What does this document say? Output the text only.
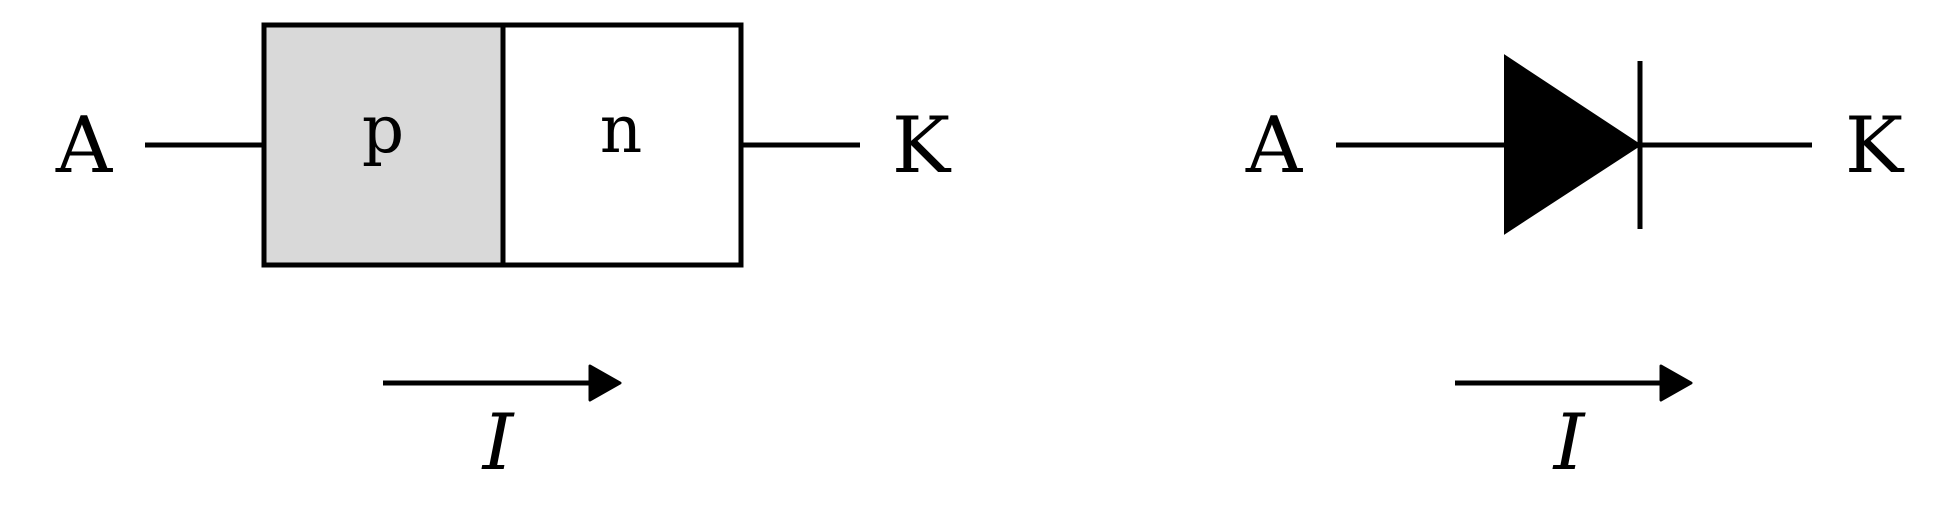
A	p	n	K
I
A	K
I
